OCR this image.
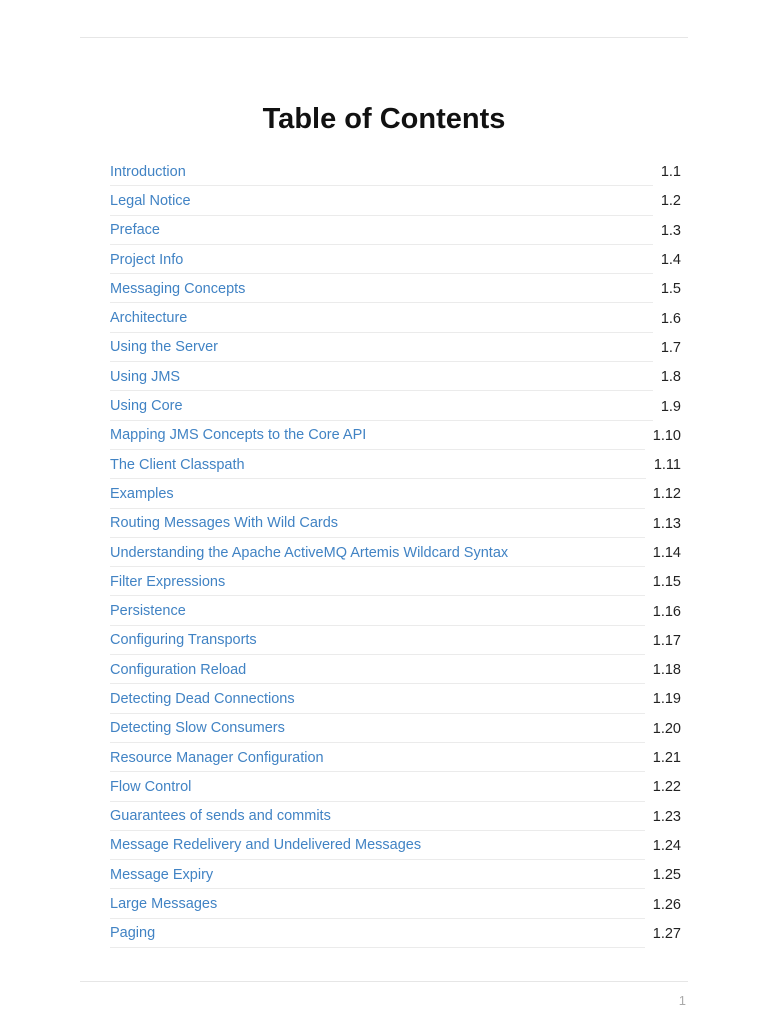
Table of Contents
Introduction	1.1
Legal Notice	1.2
Preface	1.3
Project Info	1.4
Messaging Concepts	1.5
Architecture	1.6
Using the Server	1.7
Using JMS	1.8
Using Core	1.9
Mapping JMS Concepts to the Core API	1.10
The Client Classpath	1.11
Examples	1.12
Routing Messages With Wild Cards	1.13
Understanding the Apache ActiveMQ Artemis Wildcard Syntax	1.14
Filter Expressions	1.15
Persistence	1.16
Configuring Transports	1.17
Configuration Reload	1.18
Detecting Dead Connections	1.19
Detecting Slow Consumers	1.20
Resource Manager Configuration	1.21
Flow Control	1.22
Guarantees of sends and commits	1.23
Message Redelivery and Undelivered Messages	1.24
Message Expiry	1.25
Large Messages	1.26
Paging	1.27
1
